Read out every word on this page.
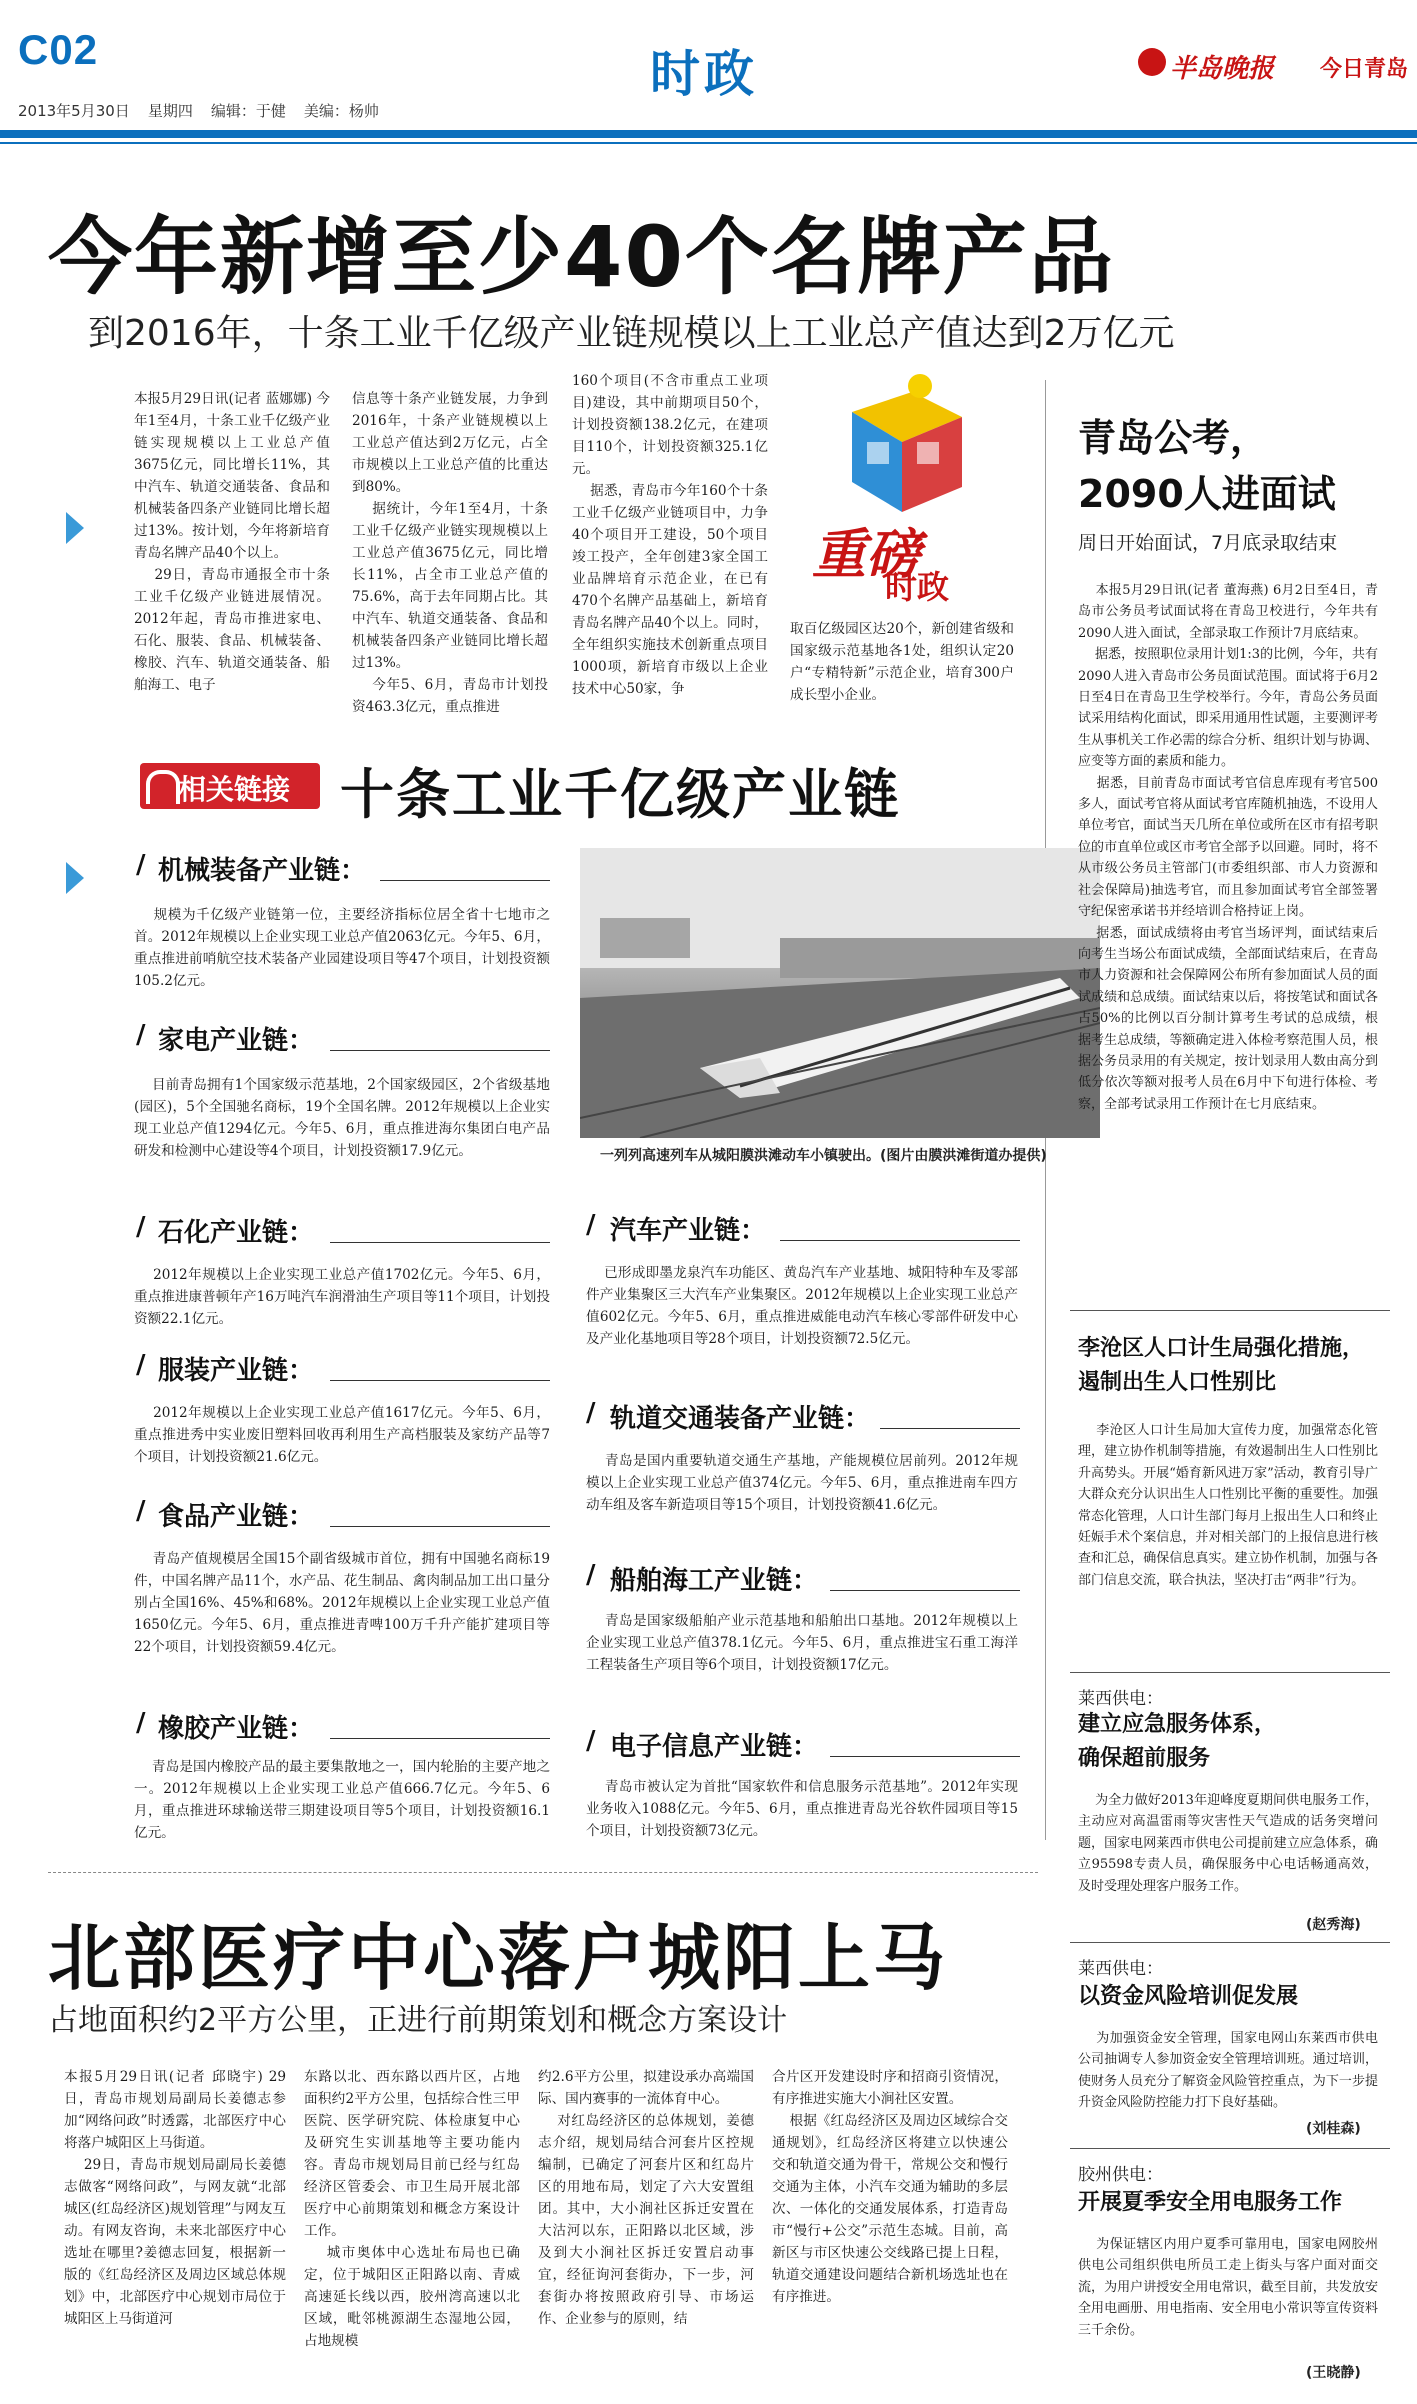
C02
2013年5月30日 星期四 编辑：于健 美编：杨帅
时政	半岛晚报 今日青岛
今年新增至少40个名牌产品
到2016年，十条工业千亿级产业链规模以上工业总产值达到2万亿元
本报5月29日讯(记者 蓝娜娜) 今年1至4月，十条工业千亿级产业链实现规模以上工业总产值3675亿元，同比增长11%，其中汽车、轨道交通装备、食品和机械装备四条产业链同比增长超过13%。按计划，今年将新培育青岛名牌产品40个以上。
29日，青岛市通报全市十条工业千亿级产业链进展情况。2012年起，青岛市推进家电、石化、服装、食品、机械装备、橡胶、汽车、轨道交通装备、船舶海工、电子
信息等十条产业链发展，力争到2016年，十条产业链规模以上工业总产值达到2万亿元，占全市规模以上工业总产值的比重达到80%。
据统计，今年1至4月，十条工业千亿级产业链实现规模以上工业总产值3675亿元，同比增长11%，占全市工业总产值的75.6%，高于去年同期占比。其中汽车、轨道交通装备、食品和机械装备四条产业链同比增长超过13%。
今年5、6月，青岛市计划投资463.3亿元，重点推进
160个项目(不含市重点工业项目)建设，其中前期项目50个，计划投资额138.2亿元，在建项目110个，计划投资额325.1亿元。
据悉，青岛市今年160个十条工业千亿级产业链项目中，力争40个项目开工建设，50个项目竣工投产，全年创建3家全国工业品牌培育示范企业，在已有470个名牌产品基础上，新培育青岛名牌产品40个以上。同时，全年组织实施技术创新重点项目1000项，新培育市级以上企业技术中心50家，争
取百亿级园区达20个，新创建省级和国家级示范基地各1处，组织认定20户“专精特新”示范企业，培育300户成长型小企业。
重磅
时政
相关链接 十条工业千亿级产业链
/ 机械装备产业链：
规模为千亿级产业链第一位，主要经济指标位居全省十七地市之首。2012年规模以上企业实现工业总产值2063亿元。今年5、6月，重点推进前哨航空技术装备产业园建设项目等47个项目，计划投资额105.2亿元。
/ 家电产业链：
目前青岛拥有1个国家级示范基地，2个国家级园区，2个省级基地(园区)，5个全国驰名商标，19个全国名牌。2012年规模以上企业实现工业总产值1294亿元。今年5、6月，重点推进海尔集团白电产品研发和检测中心建设等4个项目，计划投资额17.9亿元。
/ 石化产业链：
2012年规模以上企业实现工业总产值1702亿元。今年5、6月，重点推进康普顿年产16万吨汽车润滑油生产项目等11个项目，计划投资额22.1亿元。
/ 服装产业链：
2012年规模以上企业实现工业总产值1617亿元。今年5、6月，重点推进秀中实业废旧塑料回收再利用生产高档服装及家纺产品等7个项目，计划投资额21.6亿元。
/ 食品产业链：
青岛产值规模居全国15个副省级城市首位，拥有中国驰名商标19件，中国名牌产品11个，水产品、花生制品、禽肉制品加工出口量分别占全国16%、45%和68%。2012年规模以上企业实现工业总产值1650亿元。今年5、6月，重点推进青啤100万千升产能扩建项目等22个项目，计划投资额59.4亿元。
/ 橡胶产业链：
青岛是国内橡胶产品的最主要集散地之一，国内轮胎的主要产地之一。2012年规模以上企业实现工业总产值666.7亿元。今年5、6月，重点推进环球输送带三期建设项目等5个项目，计划投资额16.1亿元。
一列列高速列车从城阳膜洪滩动车小镇驶出。(图片由膜洪滩街道办提供)
/ 汽车产业链：
已形成即墨龙泉汽车功能区、黄岛汽车产业基地、城阳特种车及零部件产业集聚区三大汽车产业集聚区。2012年规模以上企业实现工业总产值602亿元。今年5、6月，重点推进威能电动汽车核心零部件研发中心及产业化基地项目等28个项目，计划投资额72.5亿元。
/ 轨道交通装备产业链：
青岛是国内重要轨道交通生产基地，产能规模位居前列。2012年规模以上企业实现工业总产值374亿元。今年5、6月，重点推进南车四方动车组及客车新造项目等15个项目，计划投资额41.6亿元。
/ 船舶海工产业链：
青岛是国家级船舶产业示范基地和船舶出口基地。2012年规模以上企业实现工业总产值378.1亿元。今年5、6月，重点推进宝石重工海洋工程装备生产项目等6个项目，计划投资额17亿元。
/ 电子信息产业链：
青岛市被认定为首批“国家软件和信息服务示范基地”。2012年实现业务收入1088亿元。今年5、6月，重点推进青岛光谷软件园项目等15个项目，计划投资额73亿元。
青岛公考，
2090人进面试
周日开始面试，7月底录取结束
本报5月29日讯(记者 董海燕) 6月2日至4日，青岛市公务员考试面试将在青岛卫校进行，今年共有2090人进入面试，全部录取工作预计7月底结束。
据悉，按照职位录用计划1:3的比例，今年，共有2090人进入青岛市公务员面试范围。面试将于6月2日至4日在青岛卫生学校举行。今年，青岛公务员面试采用结构化面试，即采用通用性试题，主要测评考生从事机关工作必需的综合分析、组织计划与协调、应变等方面的素质和能力。
据悉，目前青岛市面试考官信息库现有考官500多人，面试考官将从面试考官库随机抽选，不设用人单位考官，面试当天几所在单位或所在区市有招考职位的市直单位或区市考官全部予以回避。同时，将不从市级公务员主管部门(市委组织部、市人力资源和社会保障局)抽选考官，而且参加面试考官全部签署守纪保密承诺书并经培训合格持证上岗。
据悉，面试成绩将由考官当场评判，面试结束后向考生当场公布面试成绩，全部面试结束后，在青岛市人力资源和社会保障网公布所有参加面试人员的面试成绩和总成绩。面试结束以后，将按笔试和面试各占50%的比例以百分制计算考生考试的总成绩，根据考生总成绩，等额确定进入体检考察范围人员，根据公务员录用的有关规定，按计划录用人数由高分到低分依次等额对报考人员在6月中下旬进行体检、考察，全部考试录用工作预计在七月底结束。
李沧区人口计生局强化措施，
遏制出生人口性别比
李沧区人口计生局加大宣传力度，加强常态化管理，建立协作机制等措施，有效遏制出生人口性别比升高势头。开展“婚育新风进万家”活动，教育引导广大群众充分认识出生人口性别比平衡的重要性。加强常态化管理，人口计生部门每月上报出生人口和终止妊娠手术个案信息，并对相关部门的上报信息进行核查和汇总，确保信息真实。建立协作机制，加强与各部门信息交流，联合执法，坚决打击“两非”行为。
莱西供电：
建立应急服务体系，
确保超前服务
为全力做好2013年迎峰度夏期间供电服务工作，主动应对高温雷雨等灾害性天气造成的话务突增问题，国家电网莱西市供电公司提前建立应急体系，确立95598专责人员，确保服务中心电话畅通高效，及时受理处理客户服务工作。
(赵秀海)
莱西供电：
以资金风险培训促发展
为加强资金安全管理，国家电网山东莱西市供电公司抽调专人参加资金安全管理培训班。通过培训，使财务人员充分了解资金风险管控重点，为下一步提升资金风险防控能力打下良好基础。
(刘桂森)
胶州供电：
开展夏季安全用电服务工作
为保证辖区内用户夏季可靠用电，国家电网胶州供电公司组织供电所员工走上街头与客户面对面交流，为用户讲授安全用电常识，截至目前，共发放安全用电画册、用电指南、安全用电小常识等宣传资料三千余份。
(王晓静)
北部医疗中心落户城阳上马
占地面积约2平方公里，正进行前期策划和概念方案设计
本报5月29日讯(记者 邱晓宇) 29日，青岛市规划局副局长姜德志参加“网络问政”时透露，北部医疗中心将落户城阳区上马街道。
29日，青岛市规划局副局长姜德志做客“网络问政”，与网友就“北部城区(红岛经济区)规划管理”与网友互动。有网友咨询，未来北部医疗中心选址在哪里?姜德志回复，根据新一版的《红岛经济区及周边区域总体规划》中，北部医疗中心规划市局位于城阳区上马街道河
东路以北、西东路以西片区，占地面积约2平方公里，包括综合性三甲医院、医学研究院、体检康复中心及研究生实训基地等主要功能内容。青岛市规划局目前已经与红岛经济区管委会、市卫生局开展北部医疗中心前期策划和概念方案设计工作。
城市奥体中心选址布局也已确定，位于城阳区正阳路以南、青威高速延长线以西，胶州湾高速以北区域，毗邻桃源湖生态湿地公园，占地规模
约2.6平方公里，拟建设承办高端国际、国内赛事的一流体育中心。
对红岛经济区的总体规划，姜德志介绍，规划局结合河套片区控规编制，已确定了河套片区和红岛片区的用地布局，划定了六大安置组团。其中，大小涧社区拆迁安置在大沽河以东，正阳路以北区域，涉及到大小涧社区拆迁安置启动事宜，经征询河套街办，下一步，河套街办将按照政府引导、市场运作、企业参与的原则，结
合片区开发建设时序和招商引资情况，有序推进实施大小涧社区安置。
根据《红岛经济区及周边区域综合交通规划》，红岛经济区将建立以快速公交和轨道交通为骨干，常规公交和慢行交通为主体，小汽车交通为辅助的多层次、一体化的交通发展体系，打造青岛市“慢行+公交”示范生态城。目前，高新区与市区快速公交线路已提上日程，轨道交通建设问题结合新机场选址也在有序推进。
